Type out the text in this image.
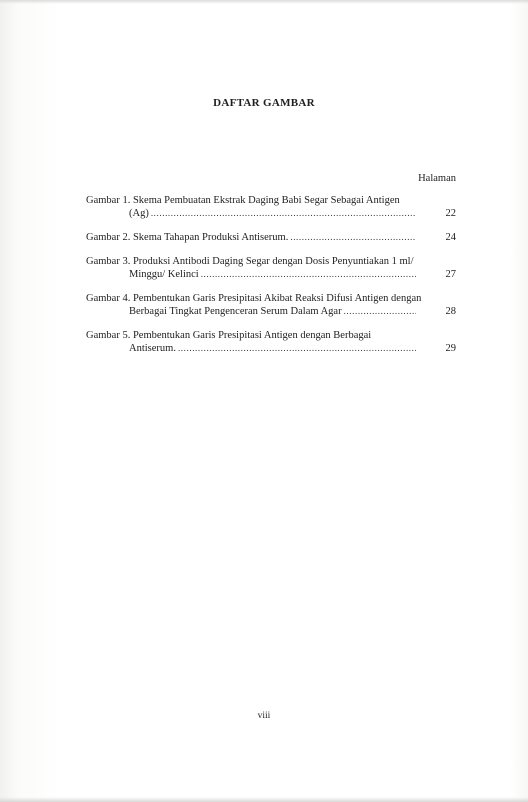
DAFTAR GAMBAR
Halaman
Gambar 1. Skema Pembuatan Ekstrak Daging Babi Segar Sebagai Antigen
(Ag) .....	22
Gambar 2. Skema Tahapan Produksi Antiserum. .....	24
Gambar 3. Produksi Antibodi Daging Segar dengan Dosis Penyuntiakan 1 ml/
Minggu/ Kelinci .....	27
Gambar 4. Pembentukan Garis Presipitasi Akibat Reaksi Difusi Antigen dengan
Berbagai Tingkat Pengenceran Serum Dalam Agar .....	28
Gambar 5. Pembentukan Garis Presipitasi Antigen dengan Berbagai
Antiserum. .....	29
viii
